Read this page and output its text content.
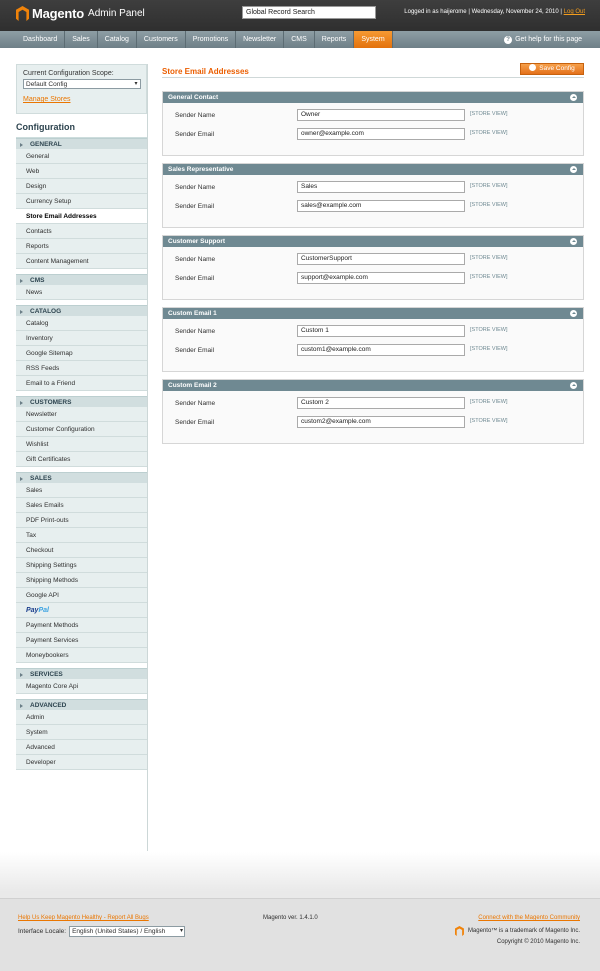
Magento Admin Panel	Global Record Search	Logged in as haijerome | Wednesday, November 24, 2010 | Log Out
Dashboard	Sales	Catalog	Customers	Promotions	Newsletter	CMS	Reports	System	? Get help for this page
Current Configuration Scope:
Default Config	▾
Manage Stores
Configuration
GENERAL
General
Web
Design
Currency Setup
Store Email Addresses
Contacts
Reports
Content Management
CMS
News
CATALOG
Catalog
Inventory
Google Sitemap
RSS Feeds
Email to a Friend
CUSTOMERS
Newsletter
Customer Configuration
Wishlist
Gift Certificates
SALES
Sales
Sales Emails
PDF Print-outs
Tax
Checkout
Shipping Settings
Shipping Methods
Google API
PayPal
Payment Methods
Payment Services
Moneybookers
SERVICES
Magento Core Api
ADVANCED
Admin
System
Advanced
Developer
Store Email Addresses	Save Config
General Contact
Sender Name	Owner	[STORE VIEW]
Sender Email	owner@example.com	[STORE VIEW]
Sales Representative
Sender Name	Sales	[STORE VIEW]
Sender Email	sales@example.com	[STORE VIEW]
Customer Support
Sender Name	CustomerSupport	[STORE VIEW]
Sender Email	support@example.com	[STORE VIEW]
Custom Email 1
Sender Name	Custom 1	[STORE VIEW]
Sender Email	custom1@example.com	[STORE VIEW]
Custom Email 2
Sender Name	Custom 2	[STORE VIEW]
Sender Email	custom2@example.com	[STORE VIEW]
Help Us Keep Magento Healthy - Report All Bugs
Interface Locale: English (United States) / English ▾
Magento ver. 1.4.1.0	Connect with the Magento Community
Magento™ is a trademark of Magento Inc.
Copyright © 2010 Magento Inc.
